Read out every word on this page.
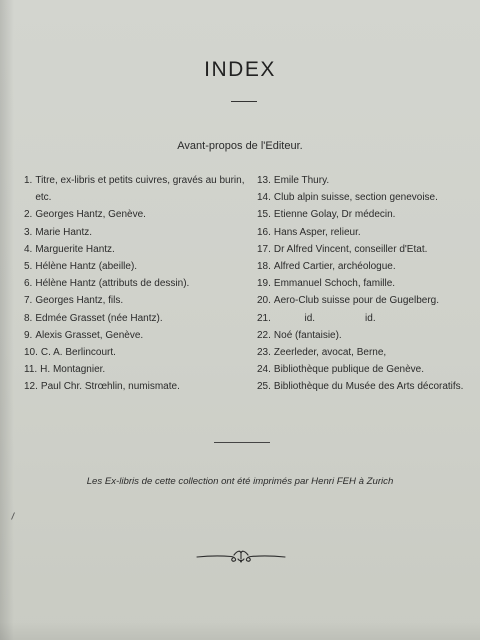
INDEX
Avant-propos de l'Editeur.
1. Titre, ex-libris et petits cuivres, gravés au burin, etc.
2. Georges Hantz, Genève.
3. Marie Hantz.
4. Marguerite Hantz.
5. Hélène Hantz (abeille).
6. Hélène Hantz (attributs de dessin).
7. Georges Hantz, fils.
8. Edmée Grasset (née Hantz).
9. Alexis Grasset, Genève.
10. C. A. Berlincourt.
11. H. Montagnier.
12. Paul Chr. Strœhlin, numismate.
13. Emile Thury.
14. Club alpin suisse, section genevoise.
15. Etienne Golay, Dr médecin.
16. Hans Asper, relieur.
17. Dr Alfred Vincent, conseiller d'Etat.
18. Alfred Cartier, archéologue.
19. Emmanuel Schoch, famille.
20. Aero-Club suisse pour de Gugelberg.
21. id.                  id.
22. Noé (fantaisie).
23. Zeerleder, avocat, Berne,
24. Bibliothèque publique de Genève.
25. Bibliothèque du Musée des Arts décoratifs.
Les Ex-libris de cette collection ont été imprimés par Henri FEH à Zurich
